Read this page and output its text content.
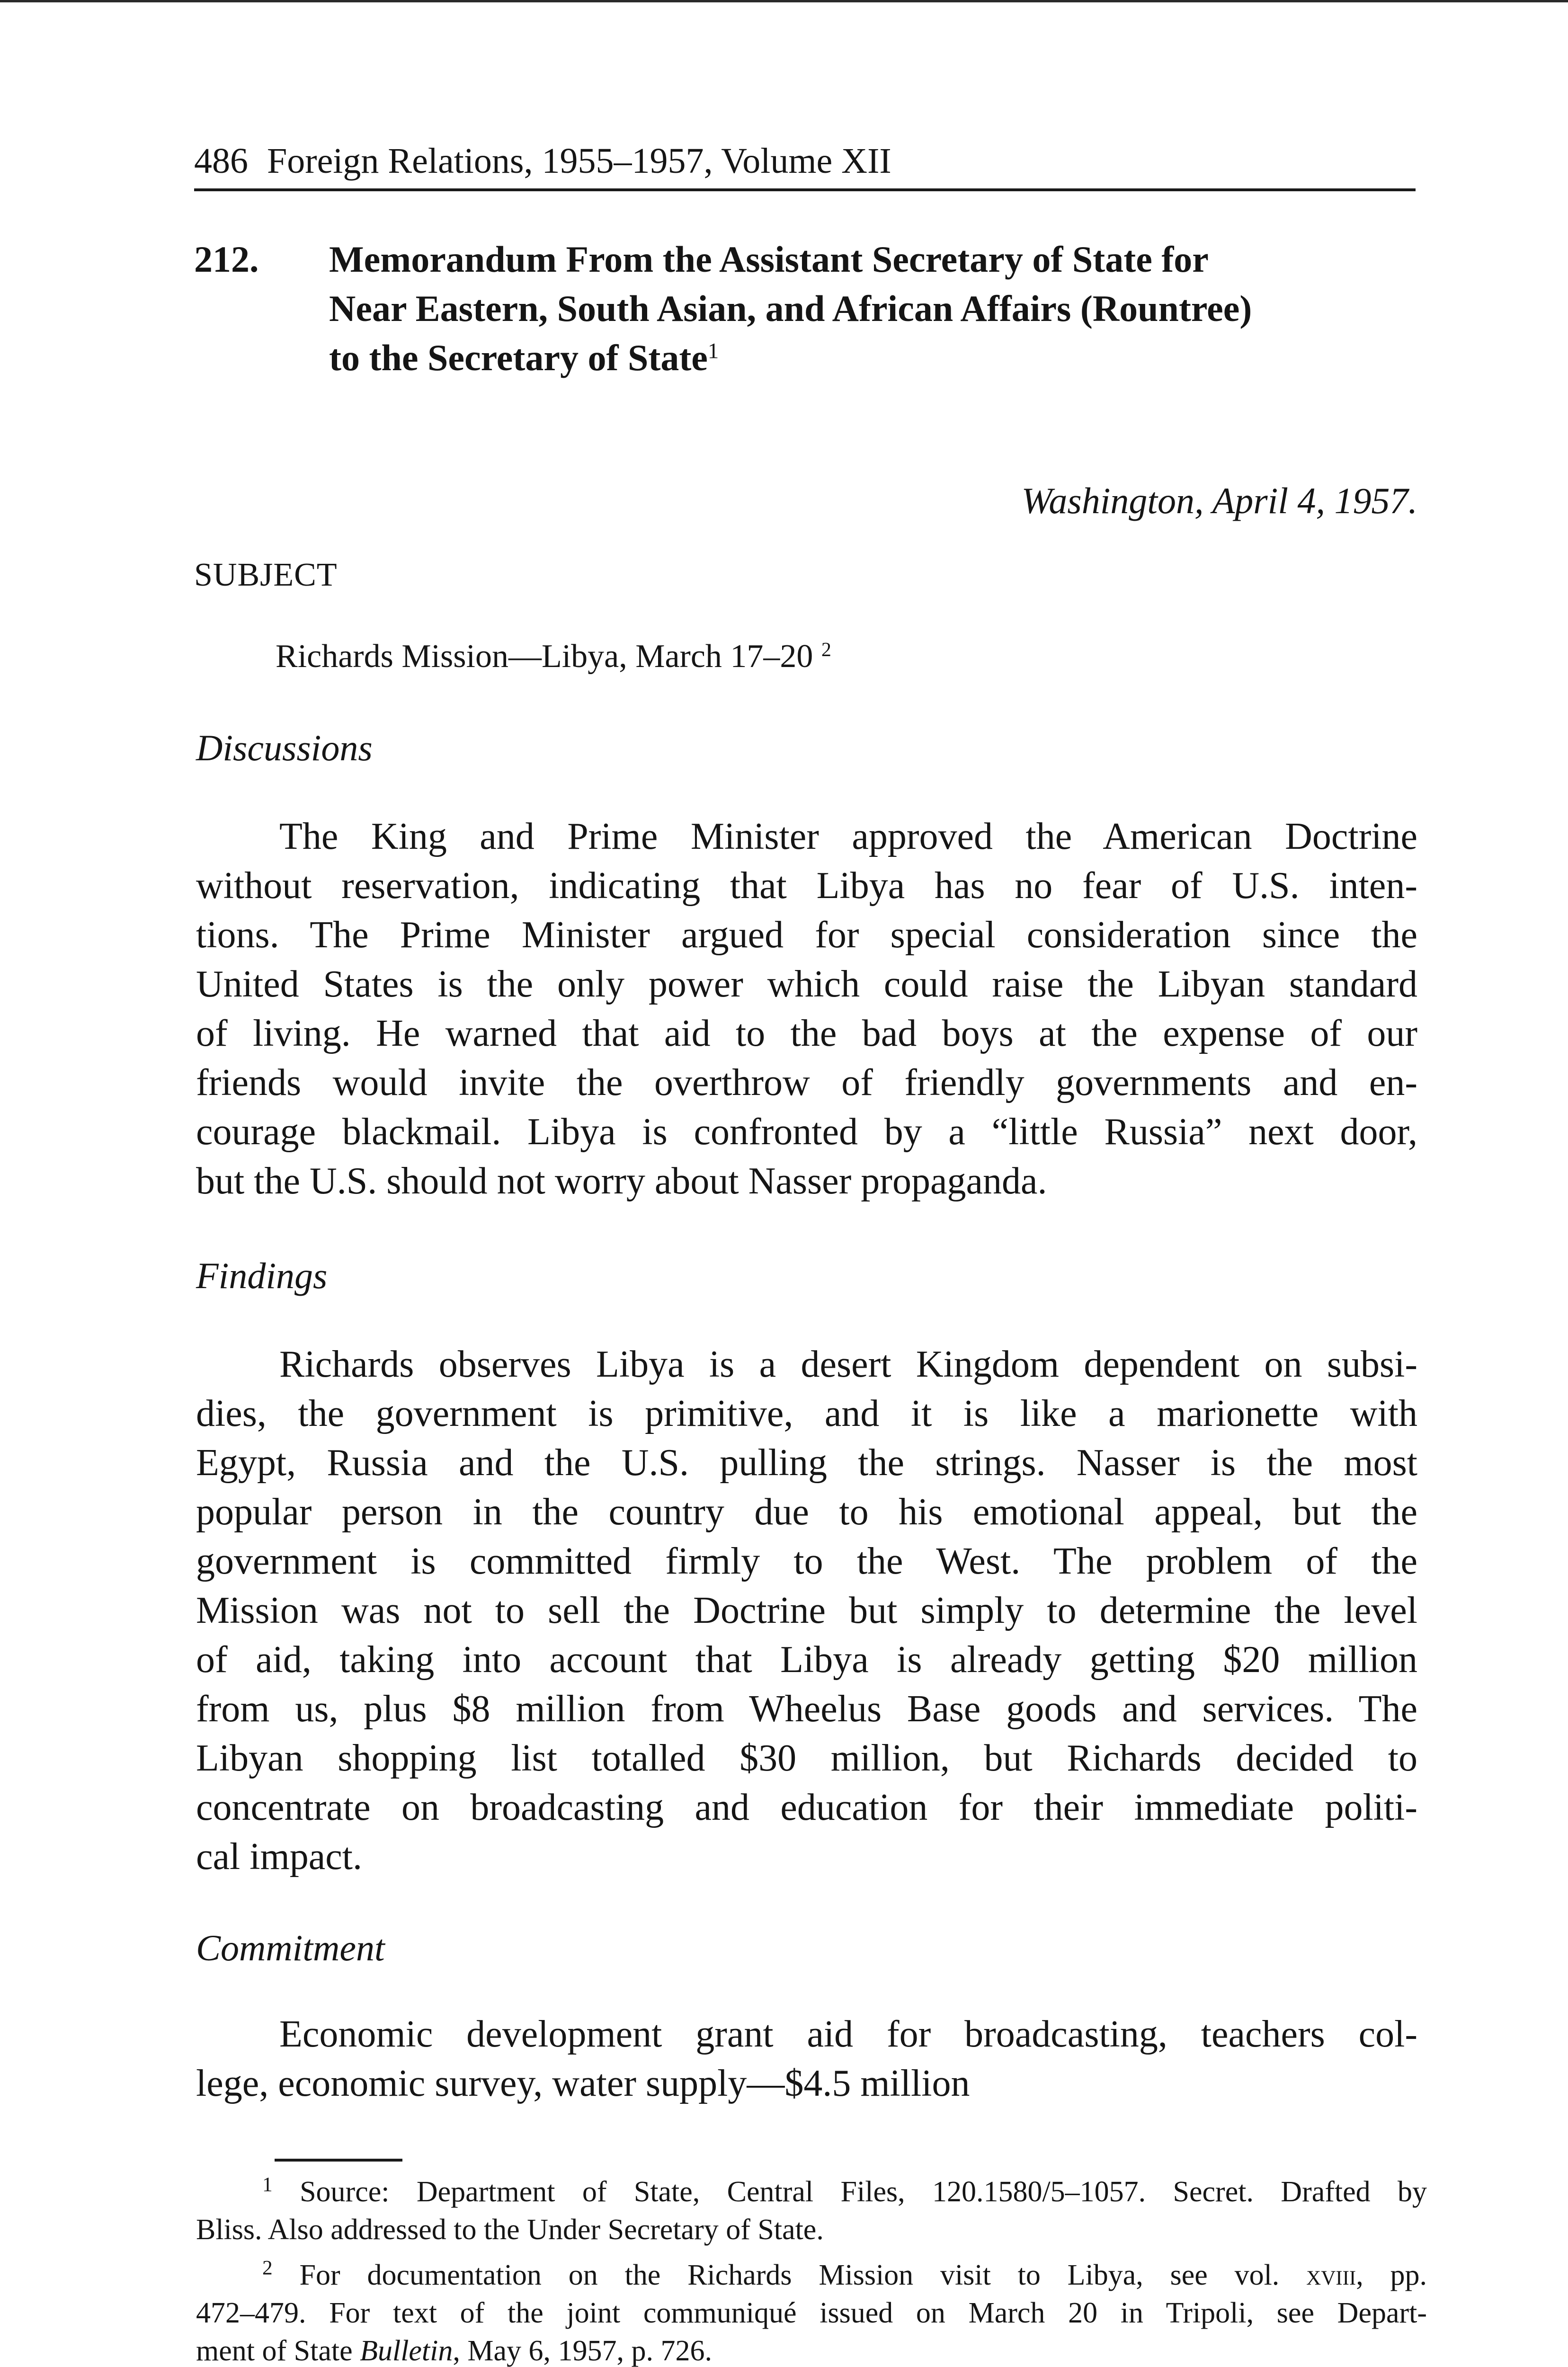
486 Foreign Relations, 1955–1957, Volume XII
212. Memorandum From the Assistant Secretary of State for
Near Eastern, South Asian, and African Affairs (Rountree)
to the Secretary of State$^1$
Washington, April 4, 1957.
SUBJECT
Richards Mission—Libya, March 17–20 $^2$
Discussions
The King and Prime Minister approved the American Doctrine
without reservation, indicating that Libya has no fear of U.S. inten-
tions. The Prime Minister argued for special consideration since the
United States is the only power which could raise the Libyan standard
of living. He warned that aid to the bad boys at the expense of our
friends would invite the overthrow of friendly governments and en-
courage blackmail. Libya is confronted by a “little Russia” next door,
but the U.S. should not worry about Nasser propaganda.
Findings
Richards observes Libya is a desert Kingdom dependent on subsi-
dies, the government is primitive, and it is like a marionette with
Egypt, Russia and the U.S. pulling the strings. Nasser is the most
popular person in the country due to his emotional appeal, but the
government is committed firmly to the West. The problem of the
Mission was not to sell the Doctrine but simply to determine the level
of aid, taking into account that Libya is already getting $20 million
from us, plus $8 million from Wheelus Base goods and services. The
Libyan shopping list totalled $30 million, but Richards decided to
concentrate on broadcasting and education for their immediate politi-
cal impact.
Commitment
Economic development grant aid for broadcasting, teachers col-
lege, economic survey, water supply—$4.5 million
$^1$ Source: Department of State, Central Files, 120.1580/5–1057. Secret. Drafted by
Bliss. Also addressed to the Under Secretary of State.
$^2$ For documentation on the Richards Mission visit to Libya, see vol. xviii, pp.
472–479. For text of the joint communiqué issued on March 20 in Tripoli, see Depart-
ment of State Bulletin, May 6, 1957, p. 726.
